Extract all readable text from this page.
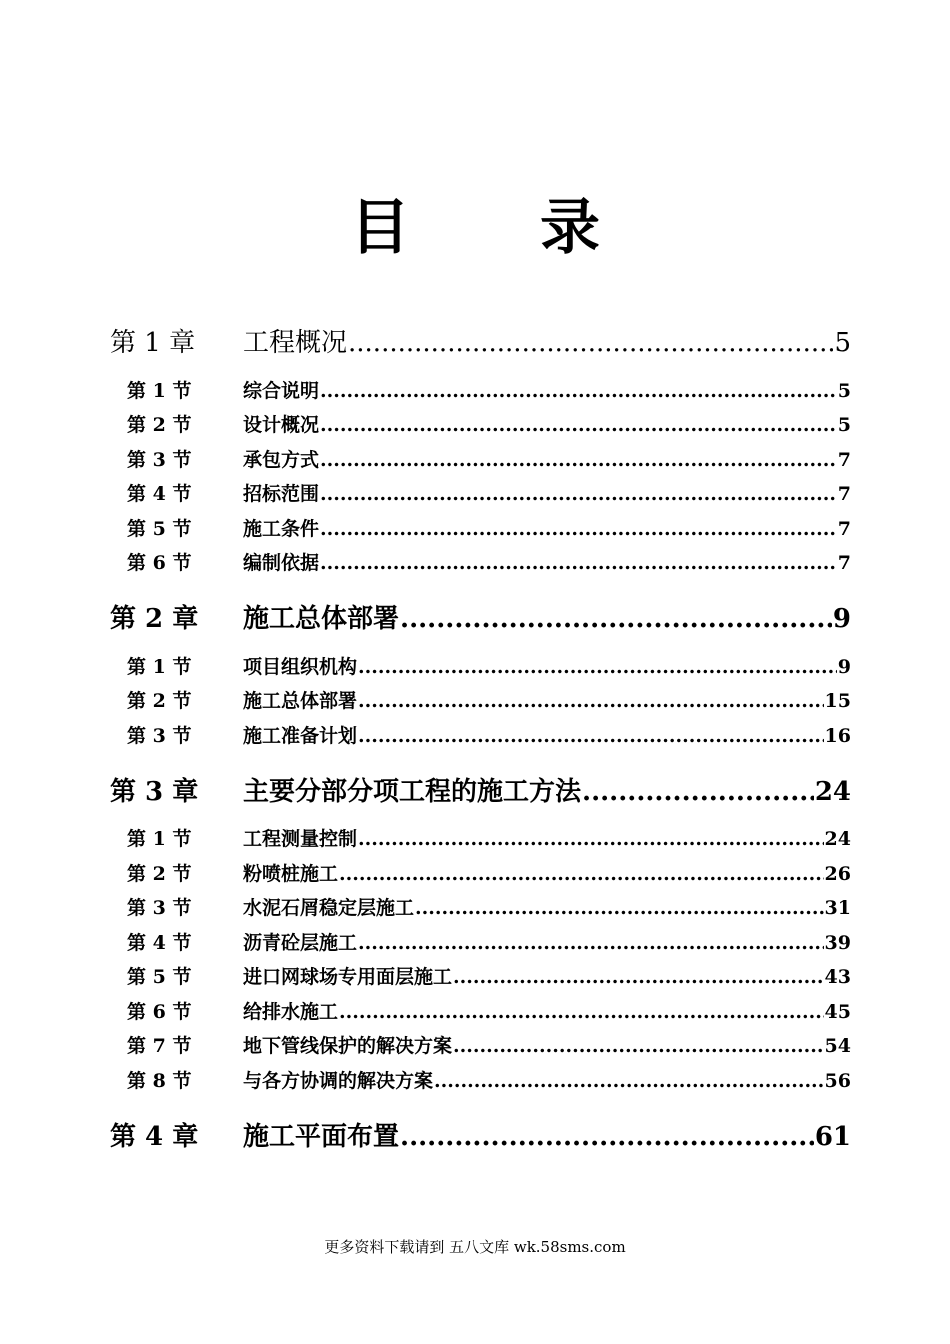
目 录
第 1 章 工程概况 .....	5
第 1 节	综合说明 .....	5
第 2 节	设计概况 .....	5
第 3 节	承包方式 .....	7
第 4 节	招标范围 .....	7
第 5 节	施工条件 .....	7
第 6 节	编制依据 .....	7
第 2 章 施工总体部署 .....	9
第 1 节	项目组织机构 .....	9
第 2 节	施工总体部署 .....	15
第 3 节	施工准备计划 .....	16
第 3 章 主要分部分项工程的施工方法 .....	24
第 1 节	工程测量控制 .....	24
第 2 节	粉喷桩施工 .....	26
第 3 节	水泥石屑稳定层施工 .....	31
第 4 节	沥青砼层施工 .....	39
第 5 节	进口网球场专用面层施工 .....	43
第 6 节	给排水施工 .....	45
第 7 节	地下管线保护的解决方案 .....	54
第 8 节	与各方协调的解决方案 .....	56
第 4 章 施工平面布置 .....	61
更多资料下载请到 五八文库 wk.58sms.com
